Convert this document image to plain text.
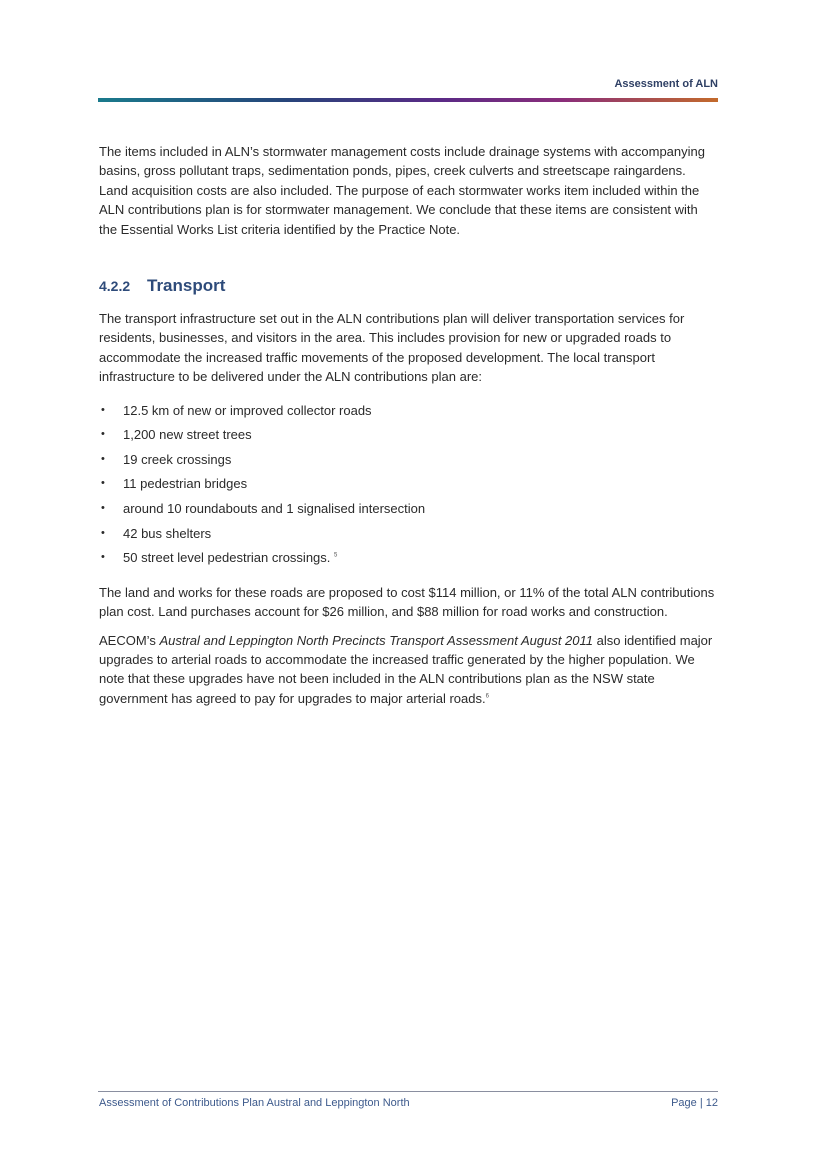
Assessment of ALN

The items included in ALN’s stormwater management costs include drainage systems with accompanying basins, gross pollutant traps, sedimentation ponds, pipes, creek culverts and streetscape raingardens. Land acquisition costs are also included. The purpose of each stormwater works item included within the ALN contributions plan is for stormwater management. We conclude that these items are consistent with the Essential Works List criteria identified by the Practice Note.

4.2.2 Transport

The transport infrastructure set out in the ALN contributions plan will deliver transportation services for residents, businesses, and visitors in the area. This includes provision for new or upgraded roads to accommodate the increased traffic movements of the proposed development. The local transport infrastructure to be delivered under the ALN contributions plan are:

• 12.5 km of new or improved collector roads
• 1,200 new street trees
• 19 creek crossings
• 11 pedestrian bridges
• around 10 roundabouts and 1 signalised intersection
• 42 bus shelters
• 50 street level pedestrian crossings. $^5$

The land and works for these roads are proposed to cost $114 million, or 11% of the total ALN contributions plan cost. Land purchases account for $26 million, and $88 million for road works and construction.

AECOM’s Austral and Leppington North Precincts Transport Assessment August 2011 also identified major upgrades to arterial roads to accommodate the increased traffic generated by the higher population. We note that these upgrades have not been included in the ALN contributions plan as the NSW state government has agreed to pay for upgrades to major arterial roads.$^6$

Assessment of Contributions Plan Austral and Leppington North	Page | 12
